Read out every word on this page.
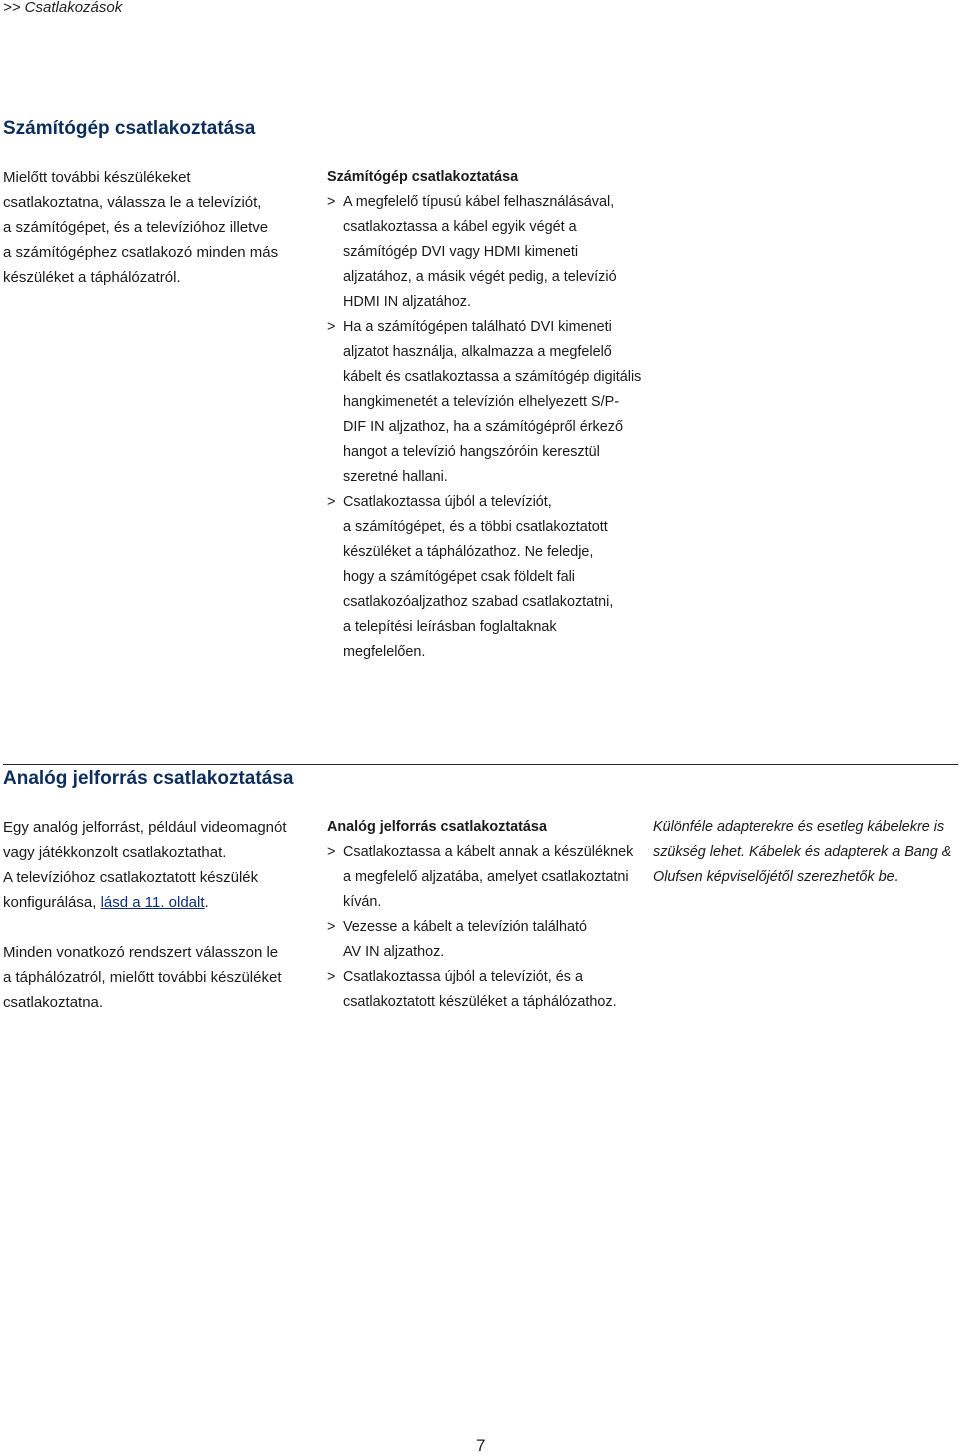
>> Csatlakozások
Számítógép csatlakoztatása

Mielőtt további készülékeket

csatlakoztatna, válassza le a televíziót,

a számítógépet, és a televízióhoz illetve

a számítógéphez csatlakozó minden más

készüléket a táphálózatról.

Számítógép csatlakoztatása

> A megfelelő típusú kábel felhasználásával,

csatlakoztassa a kábel egyik végét a

számítógép DVI vagy HDMI kimeneti

aljzatához, a másik végét pedig, a televízió

HDMI IN aljzatához.

> Ha a számítógépen található DVI kimeneti

aljzatot használja, alkalmazza a megfelelő

kábelt és csatlakoztassa a számítógép digitális

hangkimenetét a televízión elhelyezett S/P-

DIF IN aljzathoz, ha a számítógépről érkező

hangot a televízió hangszóróin keresztül

szeretné hallani.

> Csatlakoztassa újból a televíziót,

a számítógépet, és a többi csatlakoztatott

készüléket a táphálózathoz. Ne feledje,

hogy a számítógépet csak földelt fali

csatlakozóaljzathoz szabad csatlakoztatni,

a telepítési leírásban foglaltaknak

megfelelően.

Analóg jelforrás csatlakoztatása

Egy analóg jelforrást, például videomagnót

vagy játékkonzolt csatlakoztathat.

A televízióhoz csatlakoztatott készülék

konfigurálása, lásd a 11. oldalt.

Minden vonatkozó rendszert válasszon le

a táphálózatról, mielőtt további készüléket

csatlakoztatna.

Analóg jelforrás csatlakoztatása

> Csatlakoztassa a kábelt annak a készüléknek

a megfelelő aljzatába, amelyet csatlakoztatni

kíván.

> Vezesse a kábelt a televízión található

AV IN aljzathoz.

> Csatlakoztassa újból a televíziót, és a

csatlakoztatott készüléket a táphálózathoz.

Különféle adapterekre és esetleg kábelekre is

szükség lehet. Kábelek és adapterek a Bang &

Olufsen képviselőjétől szerezhetők be.

7
